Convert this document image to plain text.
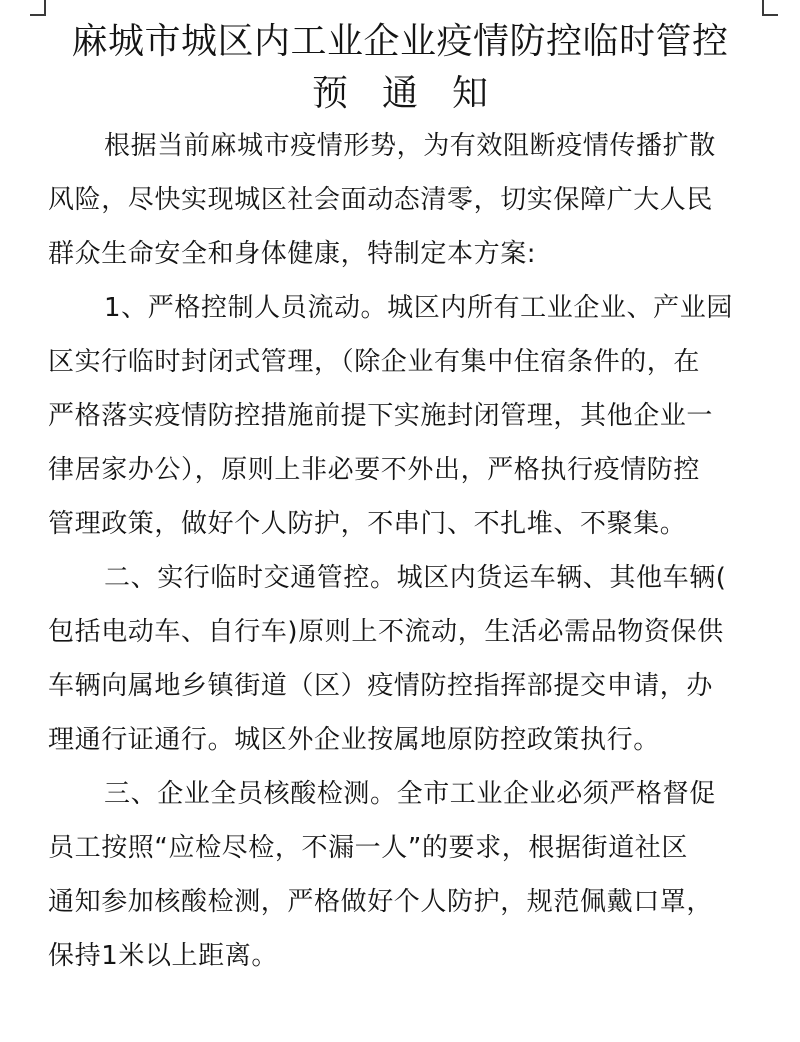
麻城市城区内工业企业疫情防控临时管控
预通知
根据当前麻城市疫情形势，为有效阻断疫情传播扩散
风险，尽快实现城区社会面动态清零，切实保障广大人民
群众生命安全和身体健康，特制定本方案:
1、严格控制人员流动。城区内所有工业企业、产业园
区实行临时封闭式管理，（除企业有集中住宿条件的，在
严格落实疫情防控措施前提下实施封闭管理，其他企业一
律居家办公），原则上非必要不外出，严格执行疫情防控
管理政策，做好个人防护，不串门、不扎堆、不聚集。
二、实行临时交通管控。城区内货运车辆、其他车辆(
包括电动车、自行车)原则上不流动，生活必需品物资保供
车辆向属地乡镇街道（区）疫情防控指挥部提交申请，办
理通行证通行。城区外企业按属地原防控政策执行。
三、企业全员核酸检测。全市工业企业必须严格督促
员工按照“应检尽检，不漏一人”的要求，根据街道社区
通知参加核酸检测，严格做好个人防护，规范佩戴口罩，
保持1米以上距离。
